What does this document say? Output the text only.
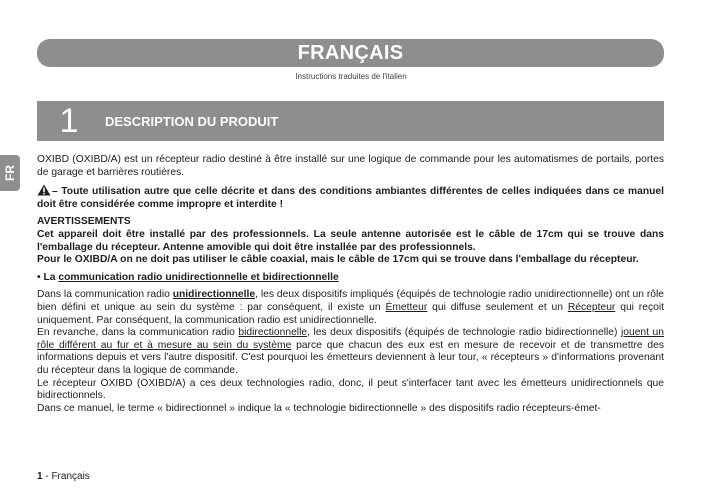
FRANÇAIS
Instructions traduites de l'italien
FR
1	DESCRIPTION DU PRODUIT

OXIBD (OXIBD/A) est un récepteur radio destiné à être installé sur une logique de commande pour les automatismes de portails, portes de garage et barrières routières.

– Toute utilisation autre que celle décrite et dans des conditions ambiantes différentes de celles indiquées dans ce manuel doit être considérée comme impropre et interdite !

AVERTISSEMENTS

Cet appareil doit être installé par des professionnels. La seule antenne autorisée est le câble de 17cm qui se trouve dans l'emballage du récepteur. Antenne amovible qui doit être installée par des professionnels.

Pour le OXIBD/A on ne doit pas utiliser le câble coaxial, mais le câble de 17cm qui se trouve dans l'emballage du récepteur.

• La communication radio unidirectionnelle et bidirectionnelle

Dans la communication radio unidirectionnelle, les deux dispositifs impliqués (équipés de technologie radio unidirectionnelle) ont un rôle bien défini et unique au sein du système : par conséquent, il existe un Émetteur qui diffuse seulement et un Récepteur qui reçoit uniquement. Par conséquent, la communication radio est unidirectionnelle.

En revanche, dans la communication radio bidirectionnelle, les deux dispositifs (équipés de technologie radio bidirectionnelle) jouent un rôle différent au fur et à mesure au sein du système parce que chacun des eux est en mesure de recevoir et de transmettre des informations depuis et vers l'autre dispositif. C'est pourquoi les émetteurs deviennent à leur tour, « récepteurs » d'informations provenant du récepteur dans la logique de commande.

Le récepteur OXIBD (OXIBD/A) a ces deux technologies radio, donc, il peut s'interfacer tant avec les émetteurs unidirectionnels que bidirectionnels.

Dans ce manuel, le terme « bidirectionnel » indique la « technologie bidirectionnelle » des dispositifs radio récepteurs-émet-

1 - Français
